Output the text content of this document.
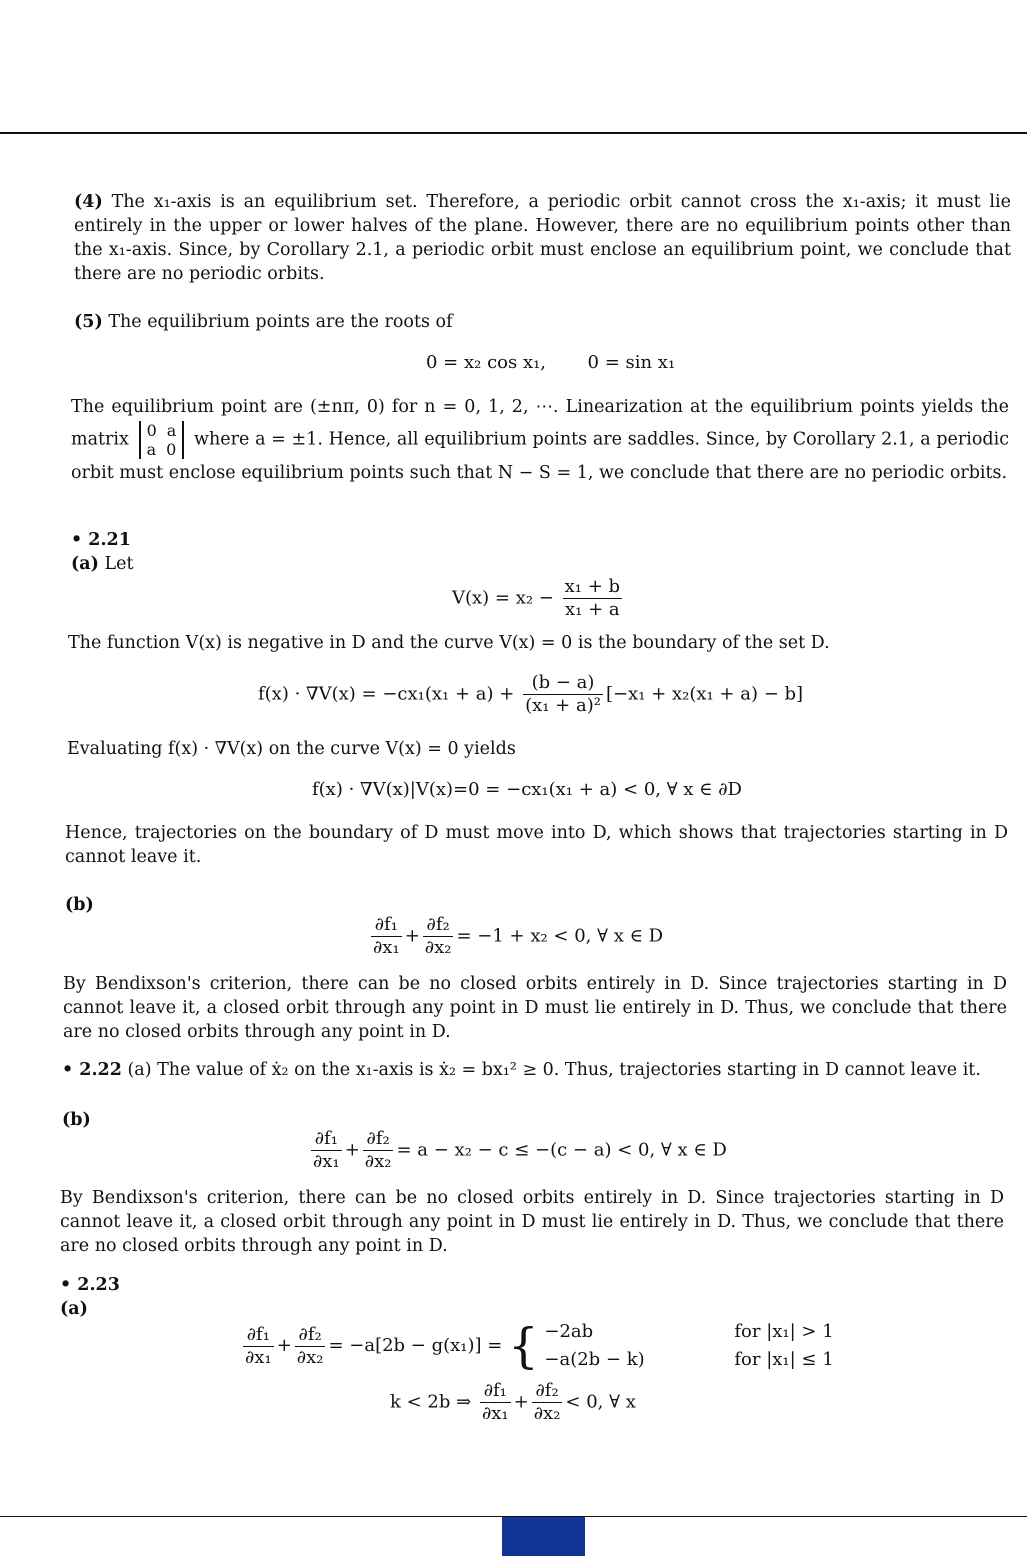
(4) The x₁-axis is an equilibrium set. Therefore, a periodic orbit cannot cross the x₁-axis; it must lie entirely in the upper or lower halves of the plane. However, there are no equilibrium points other than the x₁-axis. Since, by Corollary 2.1, a periodic orbit must enclose an equilibrium point, we conclude that there are no periodic orbits.
(5) The equilibrium points are the roots of
0 = x₂ cos x₁, 0 = sin x₁
The equilibrium point are (±nπ, 0) for n = 0, 1, 2, ⋯. Linearization at the equilibrium points yields the matrix 0 a
a 0 where a = ±1. Hence, all equilibrium points are saddles. Since, by Corollary 2.1, a periodic orbit must enclose equilibrium points such that N − S = 1, we conclude that there are no periodic orbits.
• 2.21
(a) Let
$V(x) = x_2 - \frac{\text{x₁ + b}}{\text{x₁ + a}}$
The function V(x) is negative in D and the curve V(x) = 0 is the boundary of the set D.
$f(x) \cdot \nabla V(x) = -cx_1(x_1 + a) + \frac{(b - a)}{\text{(x₁ + a)²}} [-x_1 + x_2(x_1 + a) - b]$
Evaluating f(x) · ∇V(x) on the curve V(x) = 0 yields
f(x) · ∇V(x)|V(x)=0 = −cx₁(x₁ + a) < 0, ∀ x ∈ ∂D
Hence, trajectories on the boundary of D must move into D, which shows that trajectories starting in D cannot leave it.
(b)
$\frac{\text{∂f₁}}{\text{∂x₁}} + \frac{\text{∂f₂}}{\text{∂x₂}} = -1 + x_2 < 0$, ∀ x ∈ D
By Bendixson's criterion, there can be no closed orbits entirely in D. Since trajectories starting in D cannot leave it, a closed orbit through any point in D must lie entirely in D. Thus, we conclude that there are no closed orbits through any point in D.
• 2.22 (a) The value of ẋ₂ on the x₁-axis is ẋ₂ = bx₁² ≥ 0. Thus, trajectories starting in D cannot leave it.
(b)
$\frac{\text{∂f₁}}{\text{∂x₁}} + \frac{\text{∂f₂}}{\text{∂x₂}} = a - x_2 - c \le -(c - a) < 0$, ∀ x ∈ D
By Bendixson's criterion, there can be no closed orbits entirely in D. Since trajectories starting in D cannot leave it, a closed orbit through any point in D must lie entirely in D. Thus, we conclude that there are no closed orbits through any point in D.
• 2.23
(a)
$\frac{\text{∂f₁}}{\text{∂x₁}} + \frac{\text{∂f₂}}{\text{∂x₂}} = -a[2b - g(x_1)]$ = { −2ab	for |x₁| > 1
−a(2b − k)	for |x₁| ≤ 1
k < 2b ⇒ $\frac{\text{∂f₁}}{\text{∂x₁}} + \frac{\text{∂f₂}}{\text{∂x₂}} < 0$, ∀ x
